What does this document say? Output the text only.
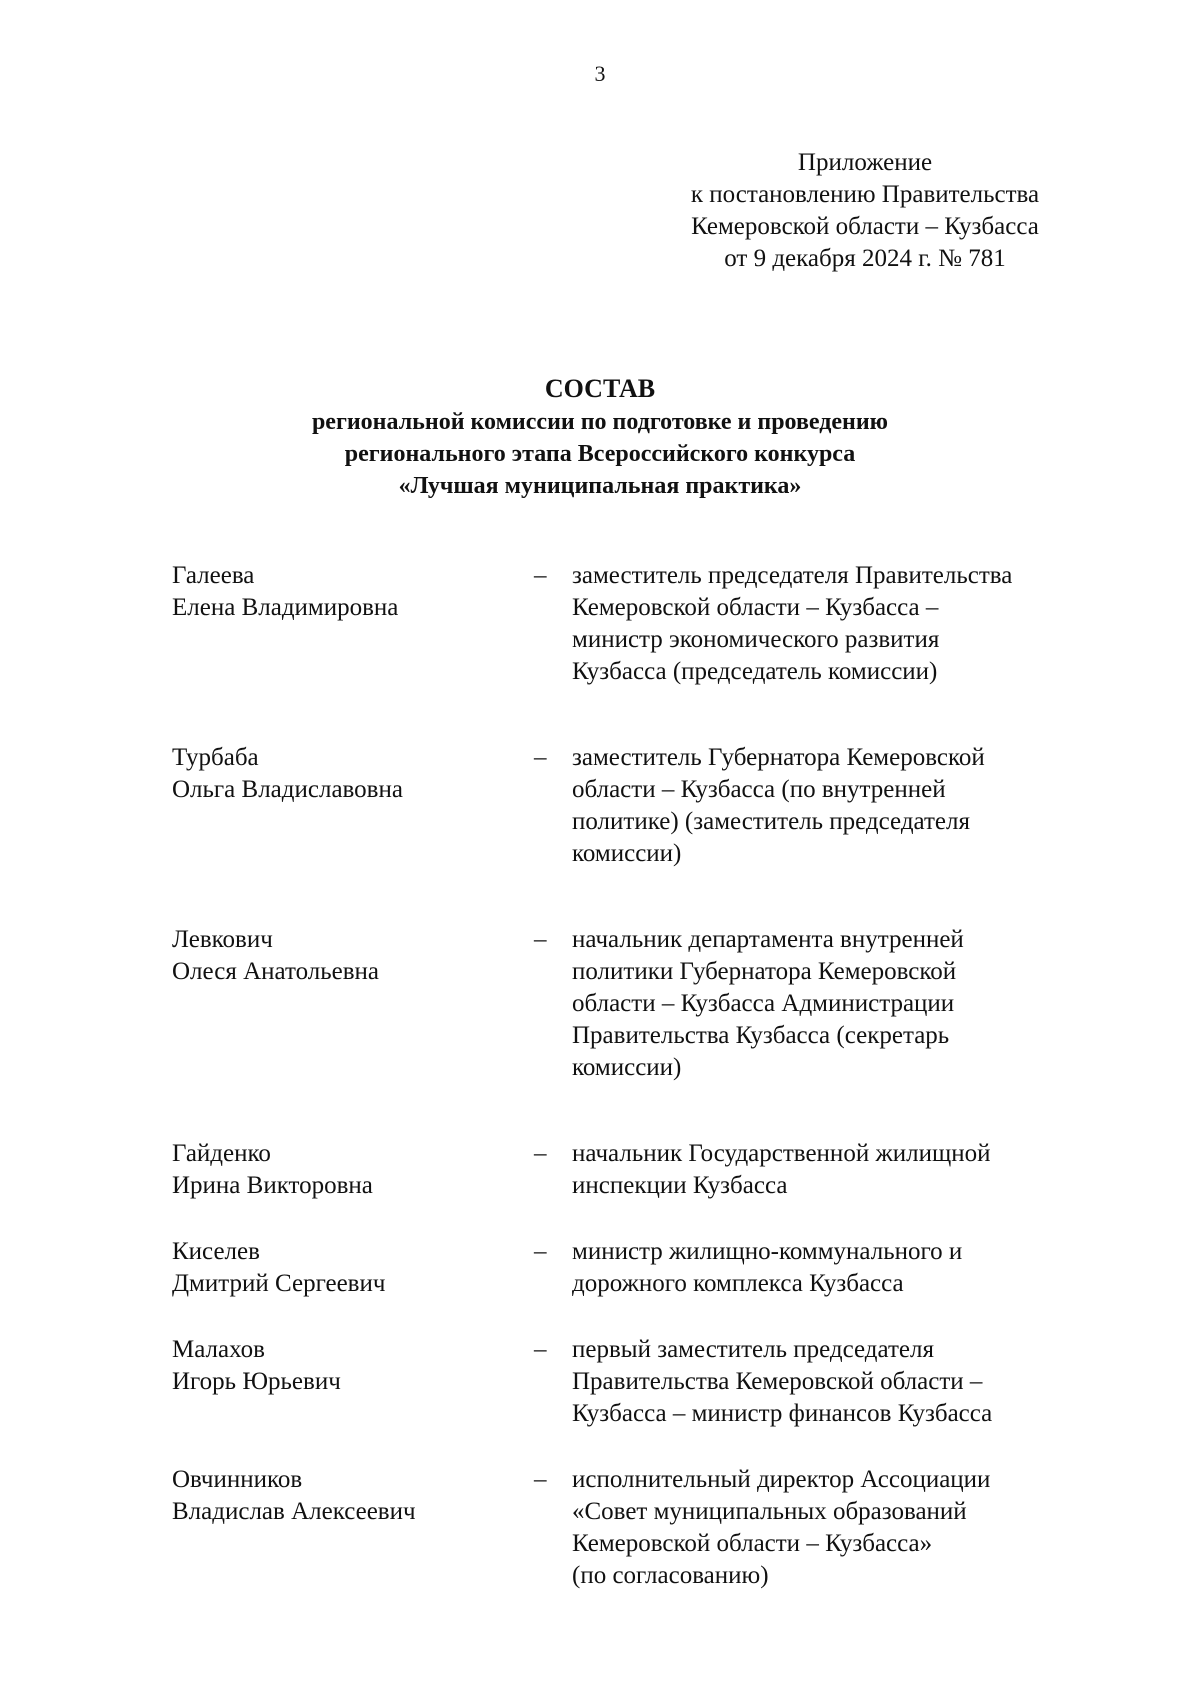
3
Приложение
к постановлению Правительства
Кемеровской области – Кузбасса
от 9 декабря 2024 г. № 781
СОСТАВ
региональной комиссии по подготовке и проведению
регионального этапа Всероссийского конкурса
«Лучшая муниципальная практика»
Галеева
Елена Владимировна
–	заместитель председателя Правительства
Кемеровской области – Кузбасса –
министр экономического развития
Кузбасса (председатель комиссии)
Турбаба
Ольга Владиславовна
–	заместитель Губернатора Кемеровской
области – Кузбасса (по внутренней
политике) (заместитель председателя
комиссии)
Левкович
Олеся Анатольевна
–	начальник департамента внутренней
политики Губернатора Кемеровской
области – Кузбасса Администрации
Правительства Кузбасса (секретарь
комиссии)
Гайденко
Ирина Викторовна
–	начальник Государственной жилищной
инспекции Кузбасса
Киселев
Дмитрий Сергеевич
–	министр жилищно-коммунального и
дорожного комплекса Кузбасса
Малахов
Игорь Юрьевич
–	первый заместитель председателя
Правительства Кемеровской области –
Кузбасса – министр финансов Кузбасса
Овчинников
Владислав Алексеевич
–	исполнительный директор Ассоциации
«Совет муниципальных образований
Кемеровской области – Кузбасса»
(по согласованию)
